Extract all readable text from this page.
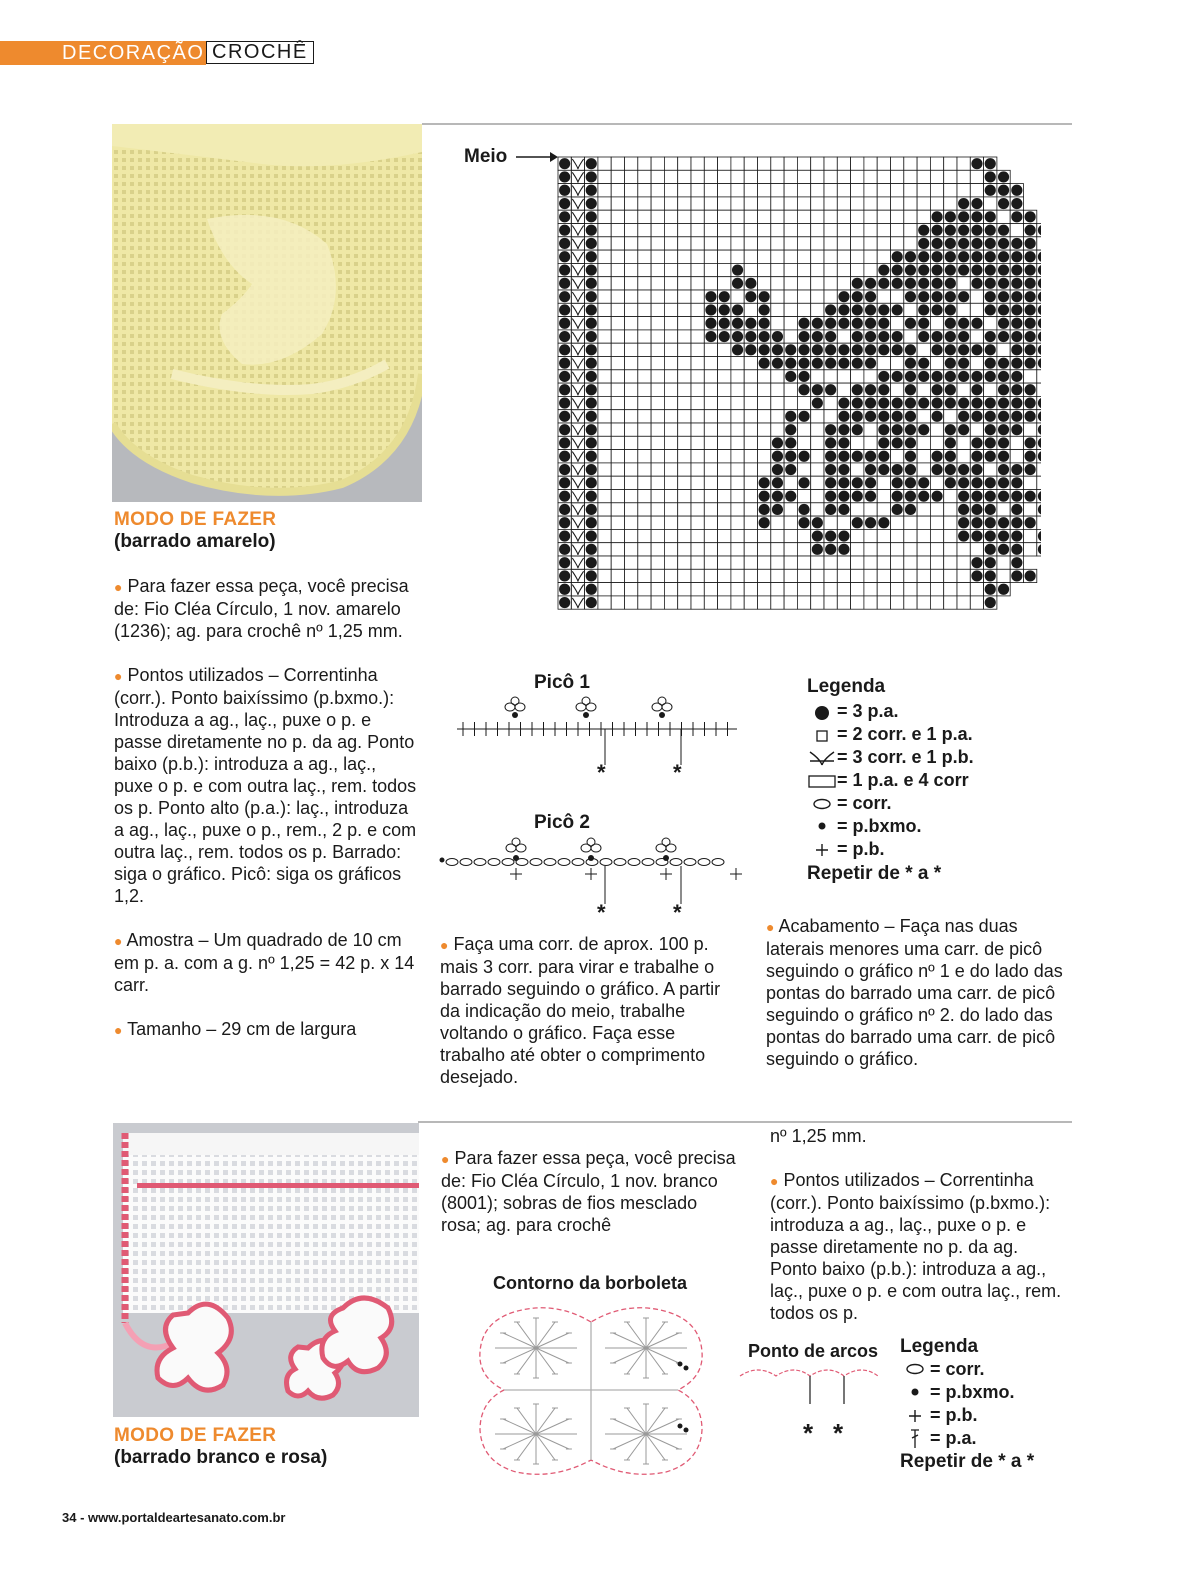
DECORAÇÃO CROCHÊ
Meio
Picô 1
*	*
Picô 2
*	*
Legenda
= 3 p.a.
= 2 corr. e 1 p.a.
= 3 corr. e 1 p.b.
= 1 p.a. e 4 corr
= corr.
= p.bxmo.
= p.b.
Repetir de * a *
MODO DE FAZER
(barrado amarelo)

● Para fazer essa peça, você precisa de: Fio Cléa Círculo, 1 nov. amarelo (1236); ag. para crochê nº 1,25 mm.

● Pontos utilizados – Correntinha (corr.). Ponto baixíssimo (p.bxmo.): Introduza a ag., laç., puxe o p. e passe diretamente no p. da ag. Ponto baixo (p.b.): introduza a ag., laç., puxe o p. e com outra laç., rem. todos os p. Ponto alto (p.a.): laç., introduza a ag., laç., puxe o p., rem., 2 p. e com outra laç., rem. todos os p. Barrado: siga o gráfico. Picô: siga os gráficos 1,2.

● Amostra – Um quadrado de 10 cm em p. a. com a g. nº 1,25 = 42 p. x 14 carr.

● Tamanho – 29 cm de largura

● Faça uma corr. de aprox. 100 p. mais 3 corr. para virar e trabalhe o barrado seguindo o gráfico. A partir da indicação do meio, trabalhe voltando o gráfico. Faça esse trabalho até obter o comprimento desejado.

● Acabamento – Faça nas duas laterais menores uma carr. de picô seguindo o gráfico nº 1 e do lado das pontas do barrado uma carr. de picô seguindo o gráfico nº 2. do lado das pontas do barrado uma carr. de picô seguindo o gráfico.

MODO DE FAZER
(barrado branco e rosa)

● Para fazer essa peça, você precisa de: Fio Cléa Círculo, 1 nov. branco (8001); sobras de fios mesclado rosa; ag. para crochê

Contorno da borboleta

nº 1,25 mm.

● Pontos utilizados – Correntinha (corr.). Ponto baixíssimo (p.bxmo.): introduza a ag., laç., puxe o p. e passe diretamente no p. da ag. Ponto baixo (p.b.): introduza a ag., laç., puxe o p. e com outra laç., rem. todos os p.

Ponto de arcos
* *
Legenda
= corr.
= p.bxmo.
= p.b.
= p.a.
Repetir de * a *
34 - www.portaldeartesanato.com.br
